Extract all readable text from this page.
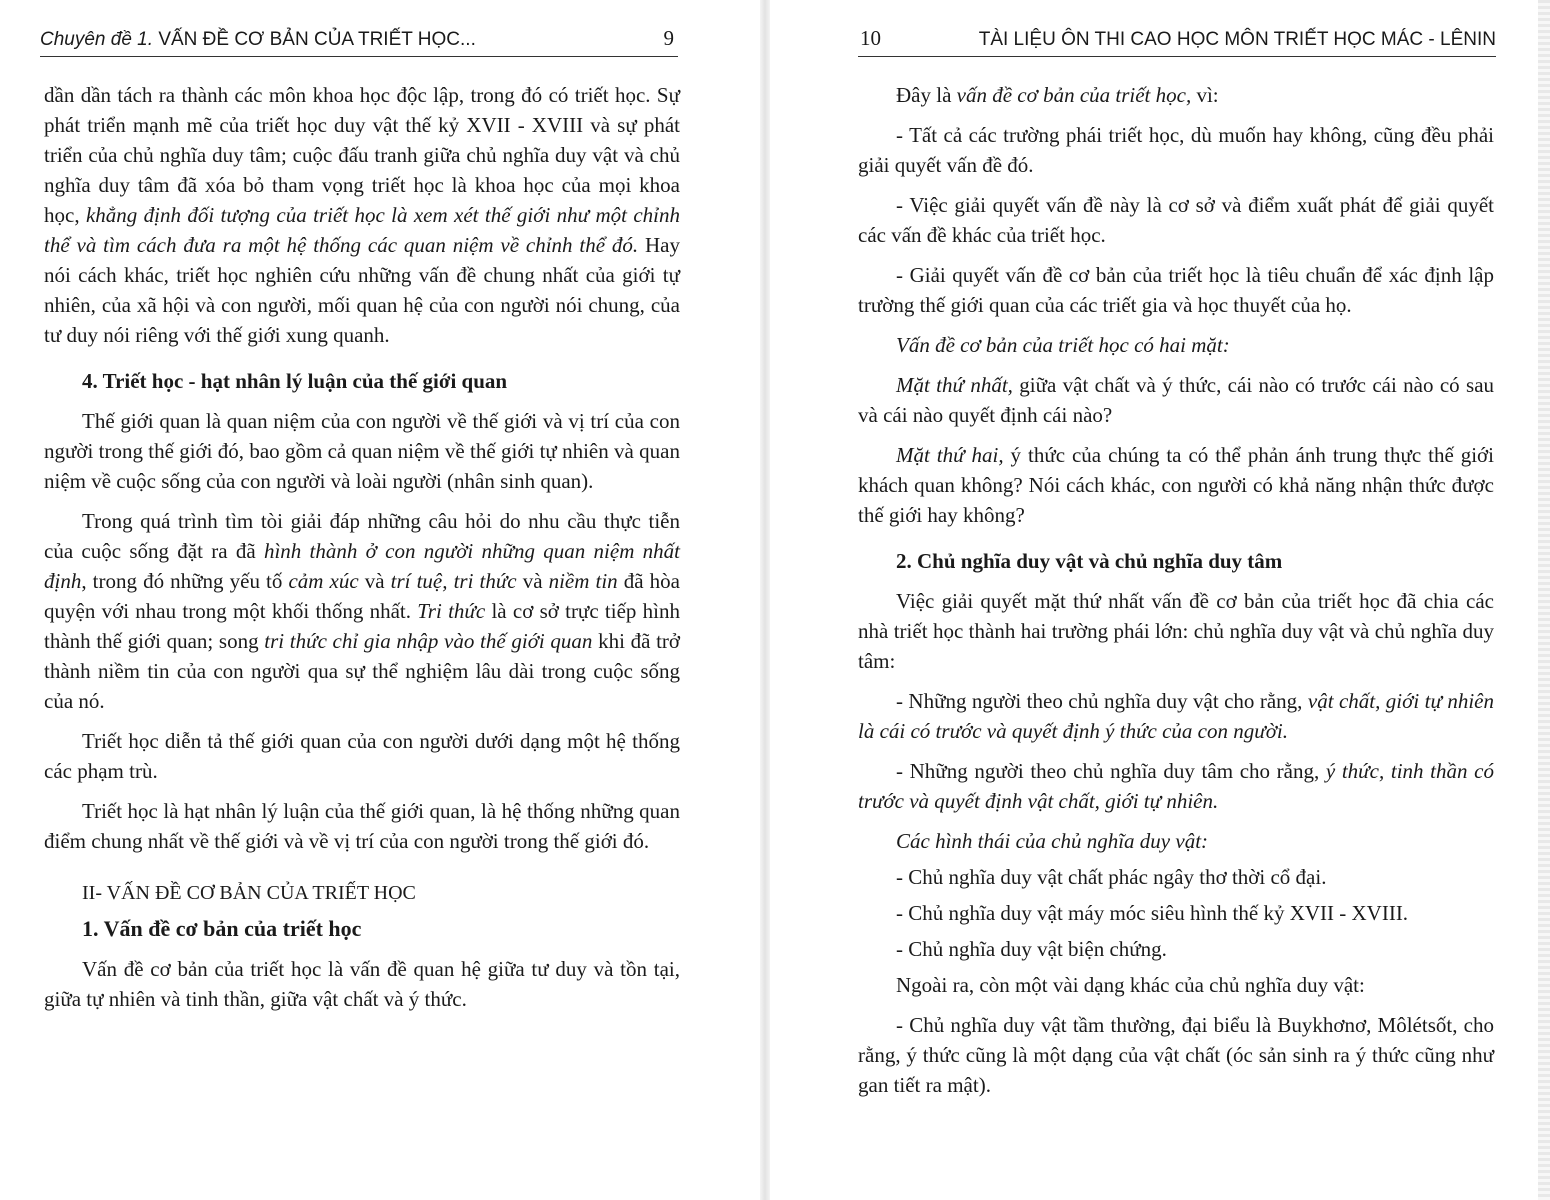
Chuyên đề 1. VẤN ĐỀ CƠ BẢN CỦA TRIẾT HỌC...	9

dần dần tách ra thành các môn khoa học độc lập, trong đó có triết học. Sự phát triển mạnh mẽ của triết học duy vật thế kỷ XVII - XVIII và sự phát triển của chủ nghĩa duy tâm; cuộc đấu tranh giữa chủ nghĩa duy vật và chủ nghĩa duy tâm đã xóa bỏ tham vọng triết học là khoa học của mọi khoa học, khẳng định đối tượng của triết học là xem xét thế giới như một chỉnh thể và tìm cách đưa ra một hệ thống các quan niệm về chỉnh thể đó. Hay nói cách khác, triết học nghiên cứu những vấn đề chung nhất của giới tự nhiên, của xã hội và con người, mối quan hệ của con người nói chung, của tư duy nói riêng với thế giới xung quanh.

4. Triết học - hạt nhân lý luận của thế giới quan

Thế giới quan là quan niệm của con người về thế giới và vị trí của con người trong thế giới đó, bao gồm cả quan niệm về thế giới tự nhiên và quan niệm về cuộc sống của con người và loài người (nhân sinh quan).

Trong quá trình tìm tòi giải đáp những câu hỏi do nhu cầu thực tiễn của cuộc sống đặt ra đã hình thành ở con người những quan niệm nhất định, trong đó những yếu tố cảm xúc và trí tuệ, tri thức và niềm tin đã hòa quyện với nhau trong một khối thống nhất. Tri thức là cơ sở trực tiếp hình thành thế giới quan; song tri thức chỉ gia nhập vào thế giới quan khi đã trở thành niềm tin của con người qua sự thể nghiệm lâu dài trong cuộc sống của nó.

Triết học diễn tả thế giới quan của con người dưới dạng một hệ thống các phạm trù.

Triết học là hạt nhân lý luận của thế giới quan, là hệ thống những quan điểm chung nhất về thế giới và về vị trí của con người trong thế giới đó.

II- VẤN ĐỀ CƠ BẢN CỦA TRIẾT HỌC
1. Vấn đề cơ bản của triết học

Vấn đề cơ bản của triết học là vấn đề quan hệ giữa tư duy và tồn tại, giữa tự nhiên và tinh thần, giữa vật chất và ý thức.

10	TÀI LIỆU ÔN THI CAO HỌC MÔN TRIẾT HỌC MÁC - LÊNIN

Đây là vấn đề cơ bản của triết học, vì:

- Tất cả các trường phái triết học, dù muốn hay không, cũng đều phải giải quyết vấn đề đó.

- Việc giải quyết vấn đề này là cơ sở và điểm xuất phát để giải quyết các vấn đề khác của triết học.

- Giải quyết vấn đề cơ bản của triết học là tiêu chuẩn để xác định lập trường thế giới quan của các triết gia và học thuyết của họ.

Vấn đề cơ bản của triết học có hai mặt:

Mặt thứ nhất, giữa vật chất và ý thức, cái nào có trước cái nào có sau và cái nào quyết định cái nào?

Mặt thứ hai, ý thức của chúng ta có thể phản ánh trung thực thế giới khách quan không? Nói cách khác, con người có khả năng nhận thức được thế giới hay không?

2. Chủ nghĩa duy vật và chủ nghĩa duy tâm

Việc giải quyết mặt thứ nhất vấn đề cơ bản của triết học đã chia các nhà triết học thành hai trường phái lớn: chủ nghĩa duy vật và chủ nghĩa duy tâm:

- Những người theo chủ nghĩa duy vật cho rằng, vật chất, giới tự nhiên là cái có trước và quyết định ý thức của con người.

- Những người theo chủ nghĩa duy tâm cho rằng, ý thức, tinh thần có trước và quyết định vật chất, giới tự nhiên.

Các hình thái của chủ nghĩa duy vật:

- Chủ nghĩa duy vật chất phác ngây thơ thời cổ đại.

- Chủ nghĩa duy vật máy móc siêu hình thế kỷ XVII - XVIII.

- Chủ nghĩa duy vật biện chứng.

Ngoài ra, còn một vài dạng khác của chủ nghĩa duy vật:

- Chủ nghĩa duy vật tầm thường, đại biểu là Buykhơnơ, Môlétsốt, cho rằng, ý thức cũng là một dạng của vật chất (óc sản sinh ra ý thức cũng như gan tiết ra mật).
